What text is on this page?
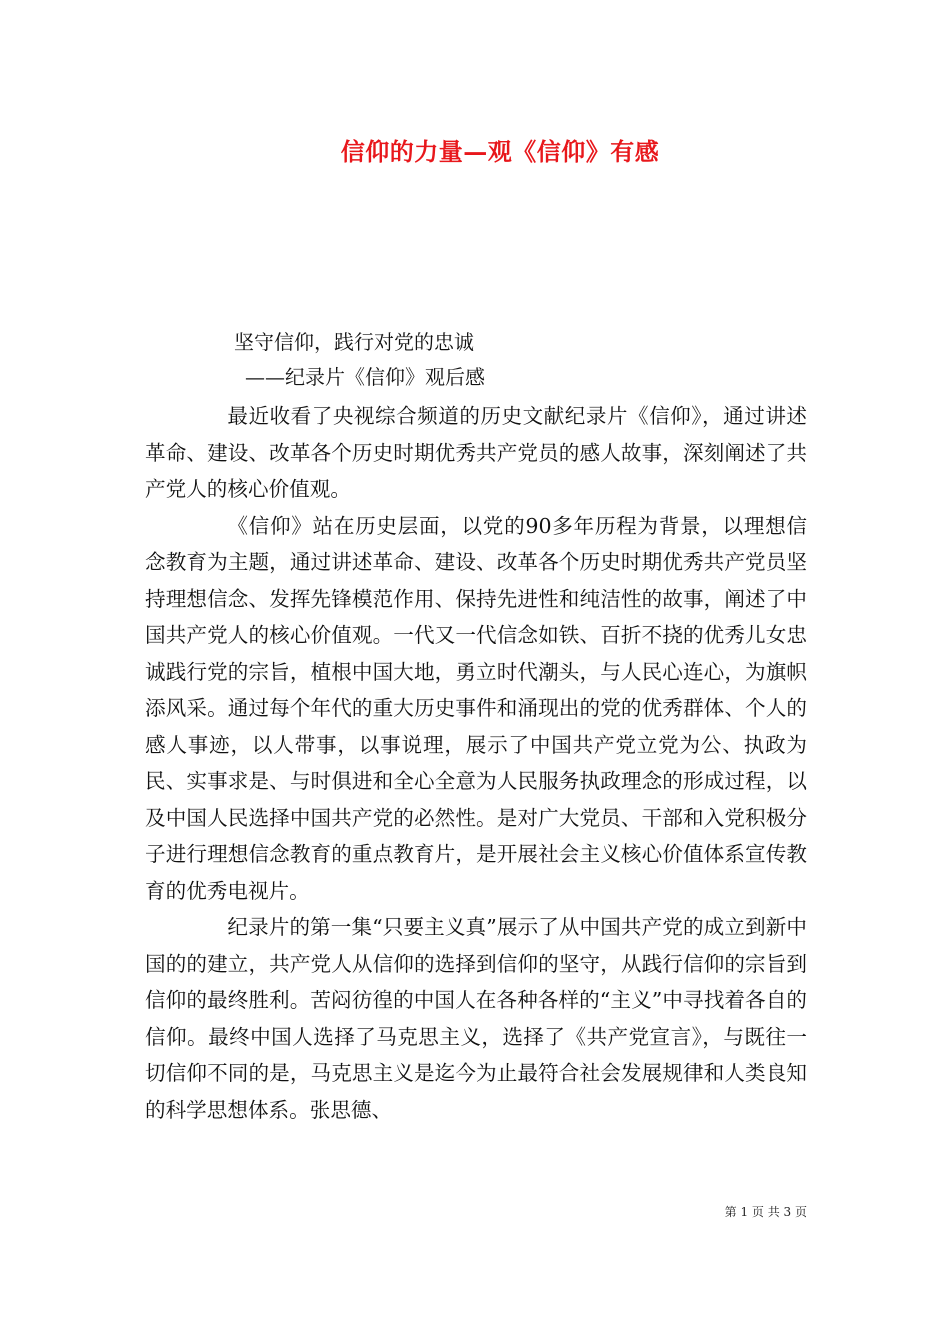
信仰的力量—观《信仰》有感
坚守信仰，践行对党的忠诚
——纪录片《信仰》观后感

最近收看了央视综合频道的历史文献纪录片《信仰》，通过讲述革命、建设、改革各个历史时期优秀共产党员的感人故事，深刻阐述了共产党人的核心价值观。

《信仰》站在历史层面，以党的90多年历程为背景，以理想信念教育为主题，通过讲述革命、建设、改革各个历史时期优秀共产党员坚持理想信念、发挥先锋模范作用、保持先进性和纯洁性的故事，阐述了中国共产党人的核心价值观。一代又一代信念如铁、百折不挠的优秀儿女忠诚践行党的宗旨，植根中国大地，勇立时代潮头，与人民心连心，为旗帜添风采。通过每个年代的重大历史事件和涌现出的党的优秀群体、个人的感人事迹，以人带事，以事说理，展示了中国共产党立党为公、执政为民、实事求是、与时俱进和全心全意为人民服务执政理念的形成过程，以及中国人民选择中国共产党的必然性。是对广大党员、干部和入党积极分子进行理想信念教育的重点教育片，是开展社会主义核心价值体系宣传教育的优秀电视片。

纪录片的第一集“只要主义真”展示了从中国共产党的成立到新中国的的建立，共产党人从信仰的选择到信仰的坚守，从践行信仰的宗旨到信仰的最终胜利。苦闷彷徨的中国人在各种各样的“主义”中寻找着各自的信仰。最终中国人选择了马克思主义，选择了《共产党宣言》，与既往一切信仰不同的是，马克思主义是迄今为止最符合社会发展规律和人类良知的科学思想体系。张思德、

第 1 页 共 3 页
